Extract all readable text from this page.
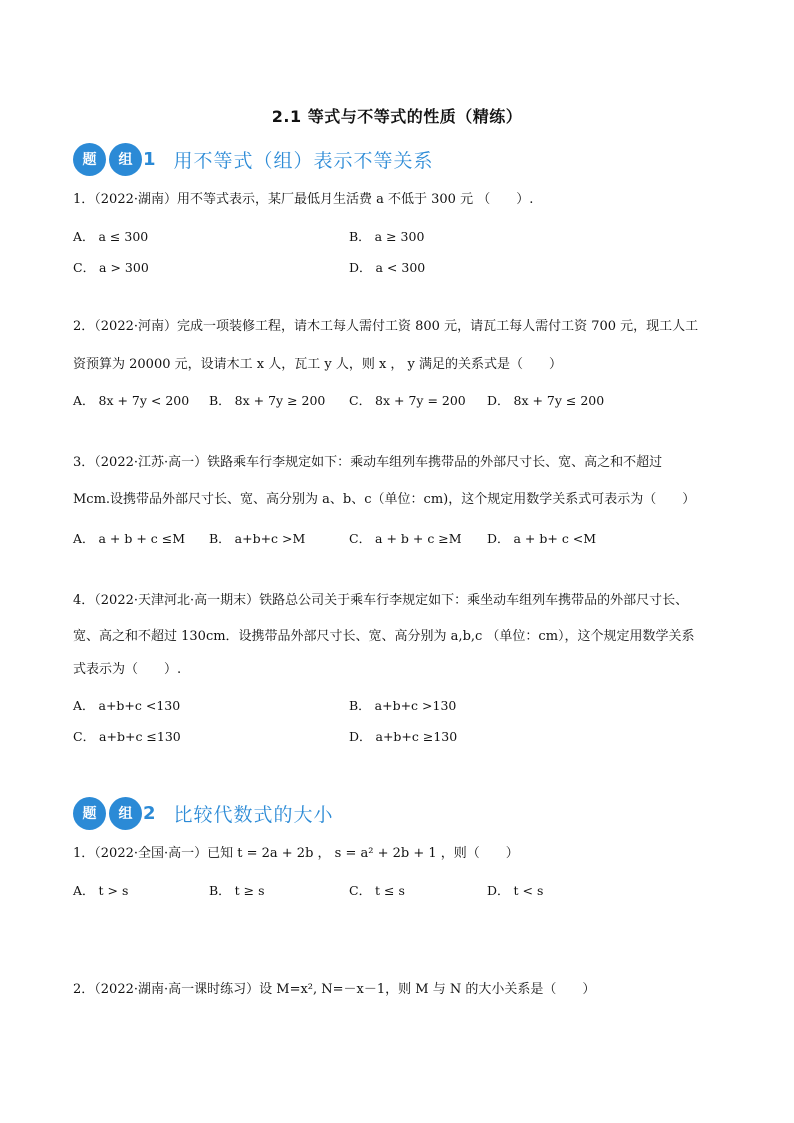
2.1 等式与不等式的性质（精练）
题	组 1 用不等式（组）表示不等关系
1．（2022·湖南）用不等式表示，某厂最低月生活费 a 不低于 300 元 （　　）.
A． a ≤ 300	B． a ≥ 300
C． a > 300	D． a < 300
2．（2022·河南）完成一项装修工程，请木工每人需付工资 800 元，请瓦工每人需付工资 700 元，现工人工
资预算为 20000 元，设请木工 x 人，瓦工 y 人，则 x ， y 满足的关系式是（　　）
A． 8x + 7y < 200 B． 8x + 7y ≥ 200 C． 8x + 7y = 200 D． 8x + 7y ≤ 200
3．（2022·江苏·高一）铁路乘车行李规定如下：乘动车组列车携带品的外部尺寸长、宽、高之和不超过
Mcm.设携带品外部尺寸长、宽、高分别为 a、b、c（单位：cm)，这个规定用数学关系式可表示为（　　）
A． a + b + c ≤M B． a+b+c >M	C． a + b + c ≥M D． a + b+ c <M
4．（2022·天津河北·高一期末）铁路总公司关于乘车行李规定如下：乘坐动车组列车携带品的外部尺寸长、
宽、高之和不超过 130cm．设携带品外部尺寸长、宽、高分别为 a,b,c （单位：cm），这个规定用数学关系
式表示为（　　）.
A． a+b+c <130	B． a+b+c >130
C． a+b+c ≤130	D． a+b+c ≥130
题	组 2 比较代数式的大小
1．（2022·全国·高一）已知 t = 2a + 2b ， s = a² + 2b + 1 ，则（　　）
A． t > s	B． t ≥ s	C． t ≤ s	D． t < s
2．（2022·湖南·高一课时练习）设 M=x², N=－x－1，则 M 与 N 的大小关系是（　　）
